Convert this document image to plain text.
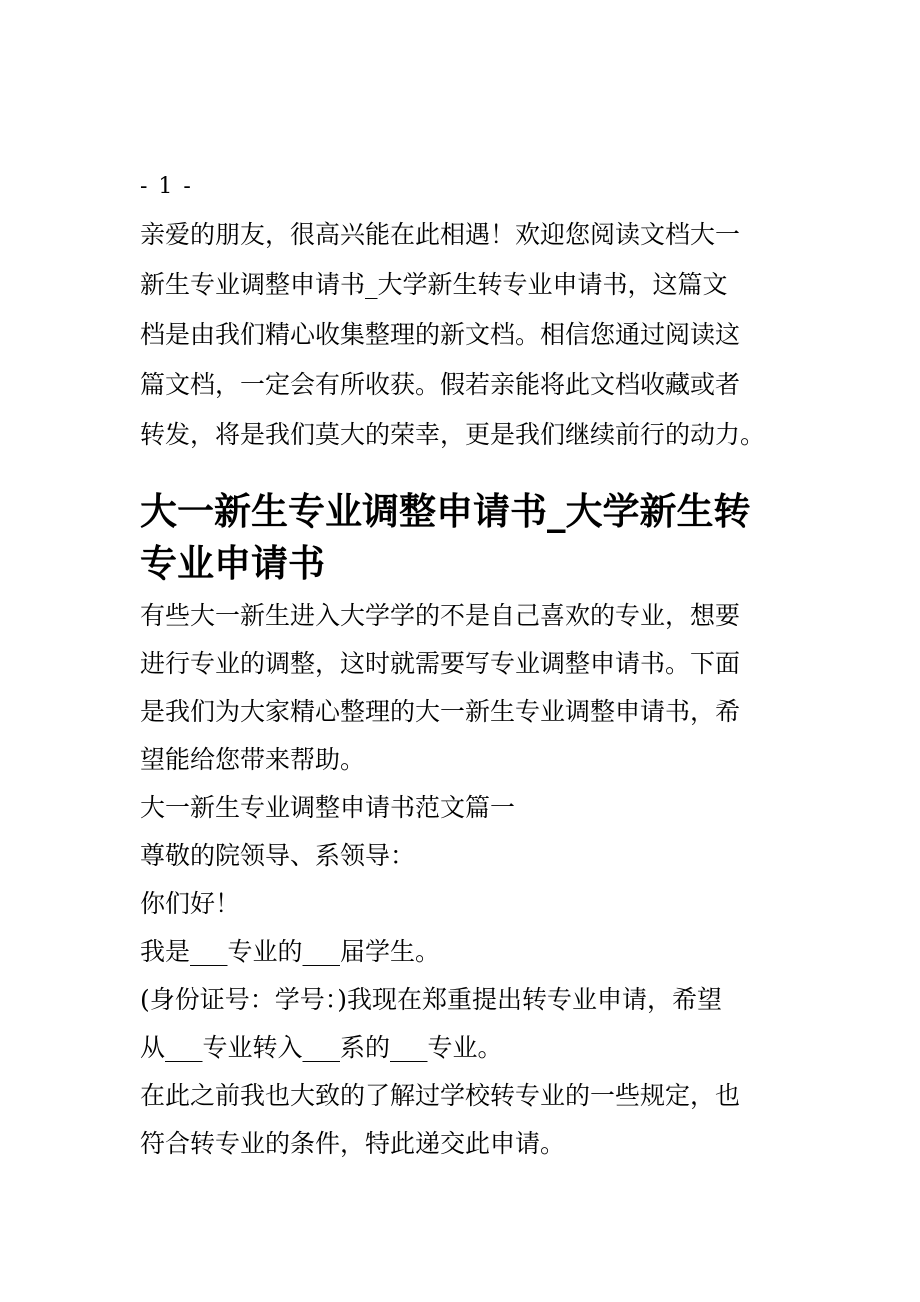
- 1 -

亲爱的朋友，很高兴能在此相遇！欢迎您阅读文档大一

新生专业调整申请书_大学新生转专业申请书，这篇文

档是由我们精心收集整理的新文档。相信您通过阅读这

篇文档，一定会有所收获。假若亲能将此文档收藏或者

转发，将是我们莫大的荣幸，更是我们继续前行的动力。

大一新生专业调整申请书_大学新生转
专业申请书

有些大一新生进入大学学的不是自己喜欢的专业，想要

进行专业的调整，这时就需要写专业调整申请书。下面

是我们为大家精心整理的大一新生专业调整申请书，希

望能给您带来帮助。

大一新生专业调整申请书范文篇一

尊敬的院领导、系领导：

你们好！

我是___专业的___届学生。

(身份证号：学号：)我现在郑重提出转专业申请，希望

从___专业转入___系的___专业。

在此之前我也大致的了解过学校转专业的一些规定，也

符合转专业的条件，特此递交此申请。
